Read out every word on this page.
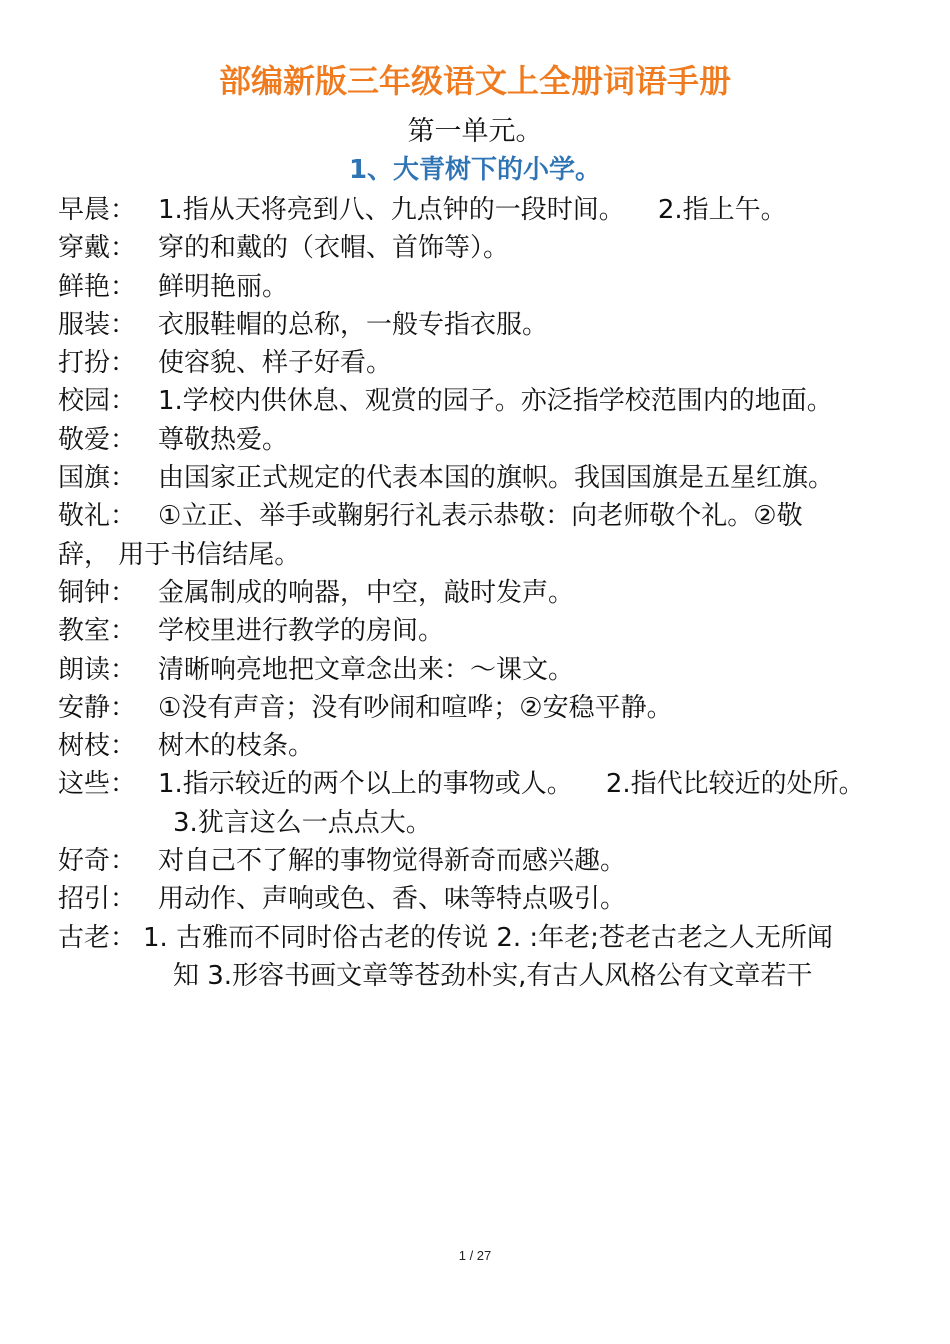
部编新版三年级语文上全册词语手册
第一单元。
1、大青树下的小学。
早晨： 1.指从天将亮到八、九点钟的一段时间。    2.指上午。
穿戴： 穿的和戴的（衣帽、首饰等）。
鲜艳： 鲜明艳丽。
服装： 衣服鞋帽的总称，一般专指衣服。
打扮： 使容貌、样子好看。
校园： 1.学校内供休息、观赏的园子。亦泛指学校范围内的地面。
敬爱： 尊敬热爱。
国旗： 由国家正式规定的代表本国的旗帜。我国国旗是五星红旗。
敬礼： ①立正、举手或鞠躬行礼表示恭敬：向老师敬个礼。②敬
辞， 用于书信结尾。
铜钟： 金属制成的响器，中空，敲时发声。
教室： 学校里进行教学的房间。
朗读： 清晰响亮地把文章念出来：～课文。
安静： ①没有声音；没有吵闹和喧哗；②安稳平静。
树枝： 树木的枝条。
这些： 1.指示较近的两个以上的事物或人。    2.指代比较近的处所。
3.犹言这么一点点大。
好奇： 对自己不了解的事物觉得新奇而感兴趣。
招引： 用动作、声响或色、香、味等特点吸引。
古老： 1. 古雅而不同时俗古老的传说 2. :年老;苍老古老之人无所闻
知 3.形容书画文章等苍劲朴实,有古人风格公有文章若干
1 / 27
